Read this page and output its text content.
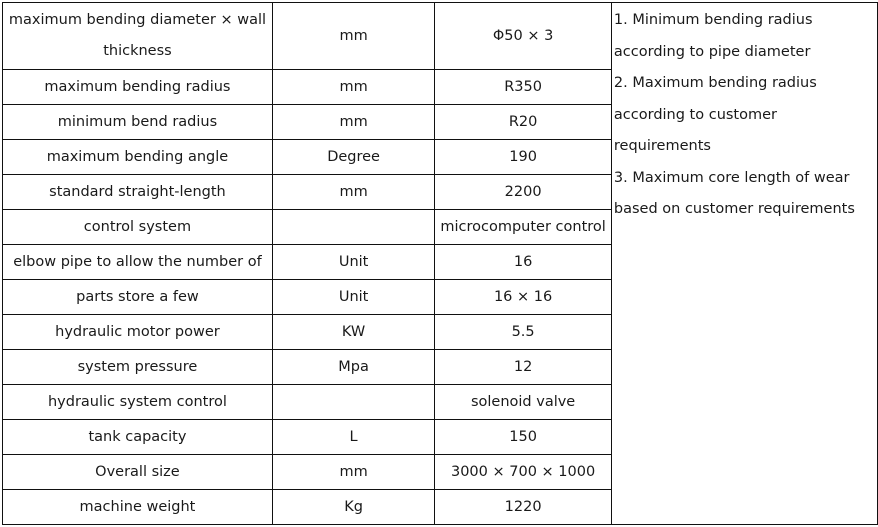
maximum bending diameter × wall thickness	mm	Φ50 × 3	1. Minimum bending radius according to pipe diameter
2. Maximum bending radius according to customer requirements
3. Maximum core length of wear based on customer requirements

maximum bending radius	mm	R350	
minimum bend radius	mm	R20	
maximum bending angle	Degree	190	
standard straight-length	mm	2200	
control system		microcomputer control	
elbow pipe to allow the number of	Unit	16	
parts store a few	Unit	16 × 16	
hydraulic motor power	KW	5.5	
system pressure	Mpa	12	
hydraulic system control		solenoid valve	
tank capacity	L	150	
Overall size	mm	3000 × 700 × 1000	
machine weight	Kg	1220	
